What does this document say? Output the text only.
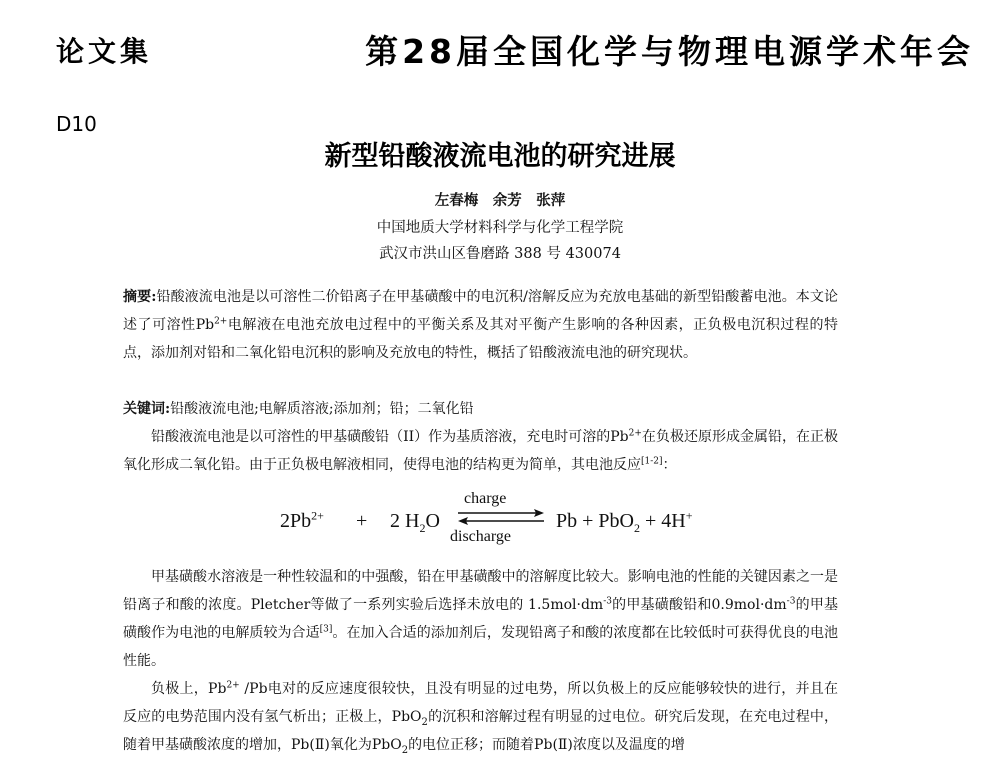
论文集	第28届全国化学与物理电源学术年会
D10
新型铅酸液流电池的研究进展
左春梅　余芳　张萍
中国地质大学材料科学与化学工程学院
武汉市洪山区鲁磨路 388 号 430074
摘要:铅酸液流电池是以可溶性二价铅离子在甲基磺酸中的电沉积/溶解反应为充放电基础的新型铅酸蓄电池。本文论述了可溶性$Pb^{2+}$电解液在电池充放电过程中的平衡关系及其对平衡产生影响的各种因素，正负极电沉积过程的特点，添加剂对铅和二氧化铅电沉积的影响及充放电的特性，概括了铅酸液流电池的研究现状。
关键词:铅酸液流电池;电解质溶液;添加剂；铅；二氧化铅
铅酸液流电池是以可溶性的甲基磺酸铅（II）作为基质溶液，充电时可溶的$Pb^{2+}$在负极还原形成金属铅，在正极氧化形成二氧化铅。由于正负极电解液相同，使得电池的结构更为简单，其电池反应[1-2]：
$2Pb^{2+} + 2$ $H_2O$
charge
discharge
Pb + PbO$_2$ + 4H+
甲基磺酸水溶液是一种性较温和的中强酸，铅在甲基磺酸中的溶解度比较大。影响电池的性能的关键因素之一是铅离子和酸的浓度。Pletcher等做了一系列实验后选择未放电的 $1.5mol\cdot dm^{-3}$的甲基磺酸铅和$0.9mol\cdot dm^{-3}$的甲基磺酸作为电池的电解质较为合适[3]。在加入合适的添加剂后，发现铅离子和酸的浓度都在比较低时可获得优良的电池性能。
负极上，$Pb^{2+}$ /Pb电对的反应速度很较快，且没有明显的过电势，所以负极上的反应能够较快的进行，并且在反应的电势范围内没有氢气析出；正极上，PbO$_2$的沉积和溶解过程有明显的过电位。研究后发现，在充电过程中，随着甲基磺酸浓度的增加，Pb(Ⅱ)氧化为PbO$_2$的电位正移；而随着Pb(Ⅱ)浓度以及温度的增
